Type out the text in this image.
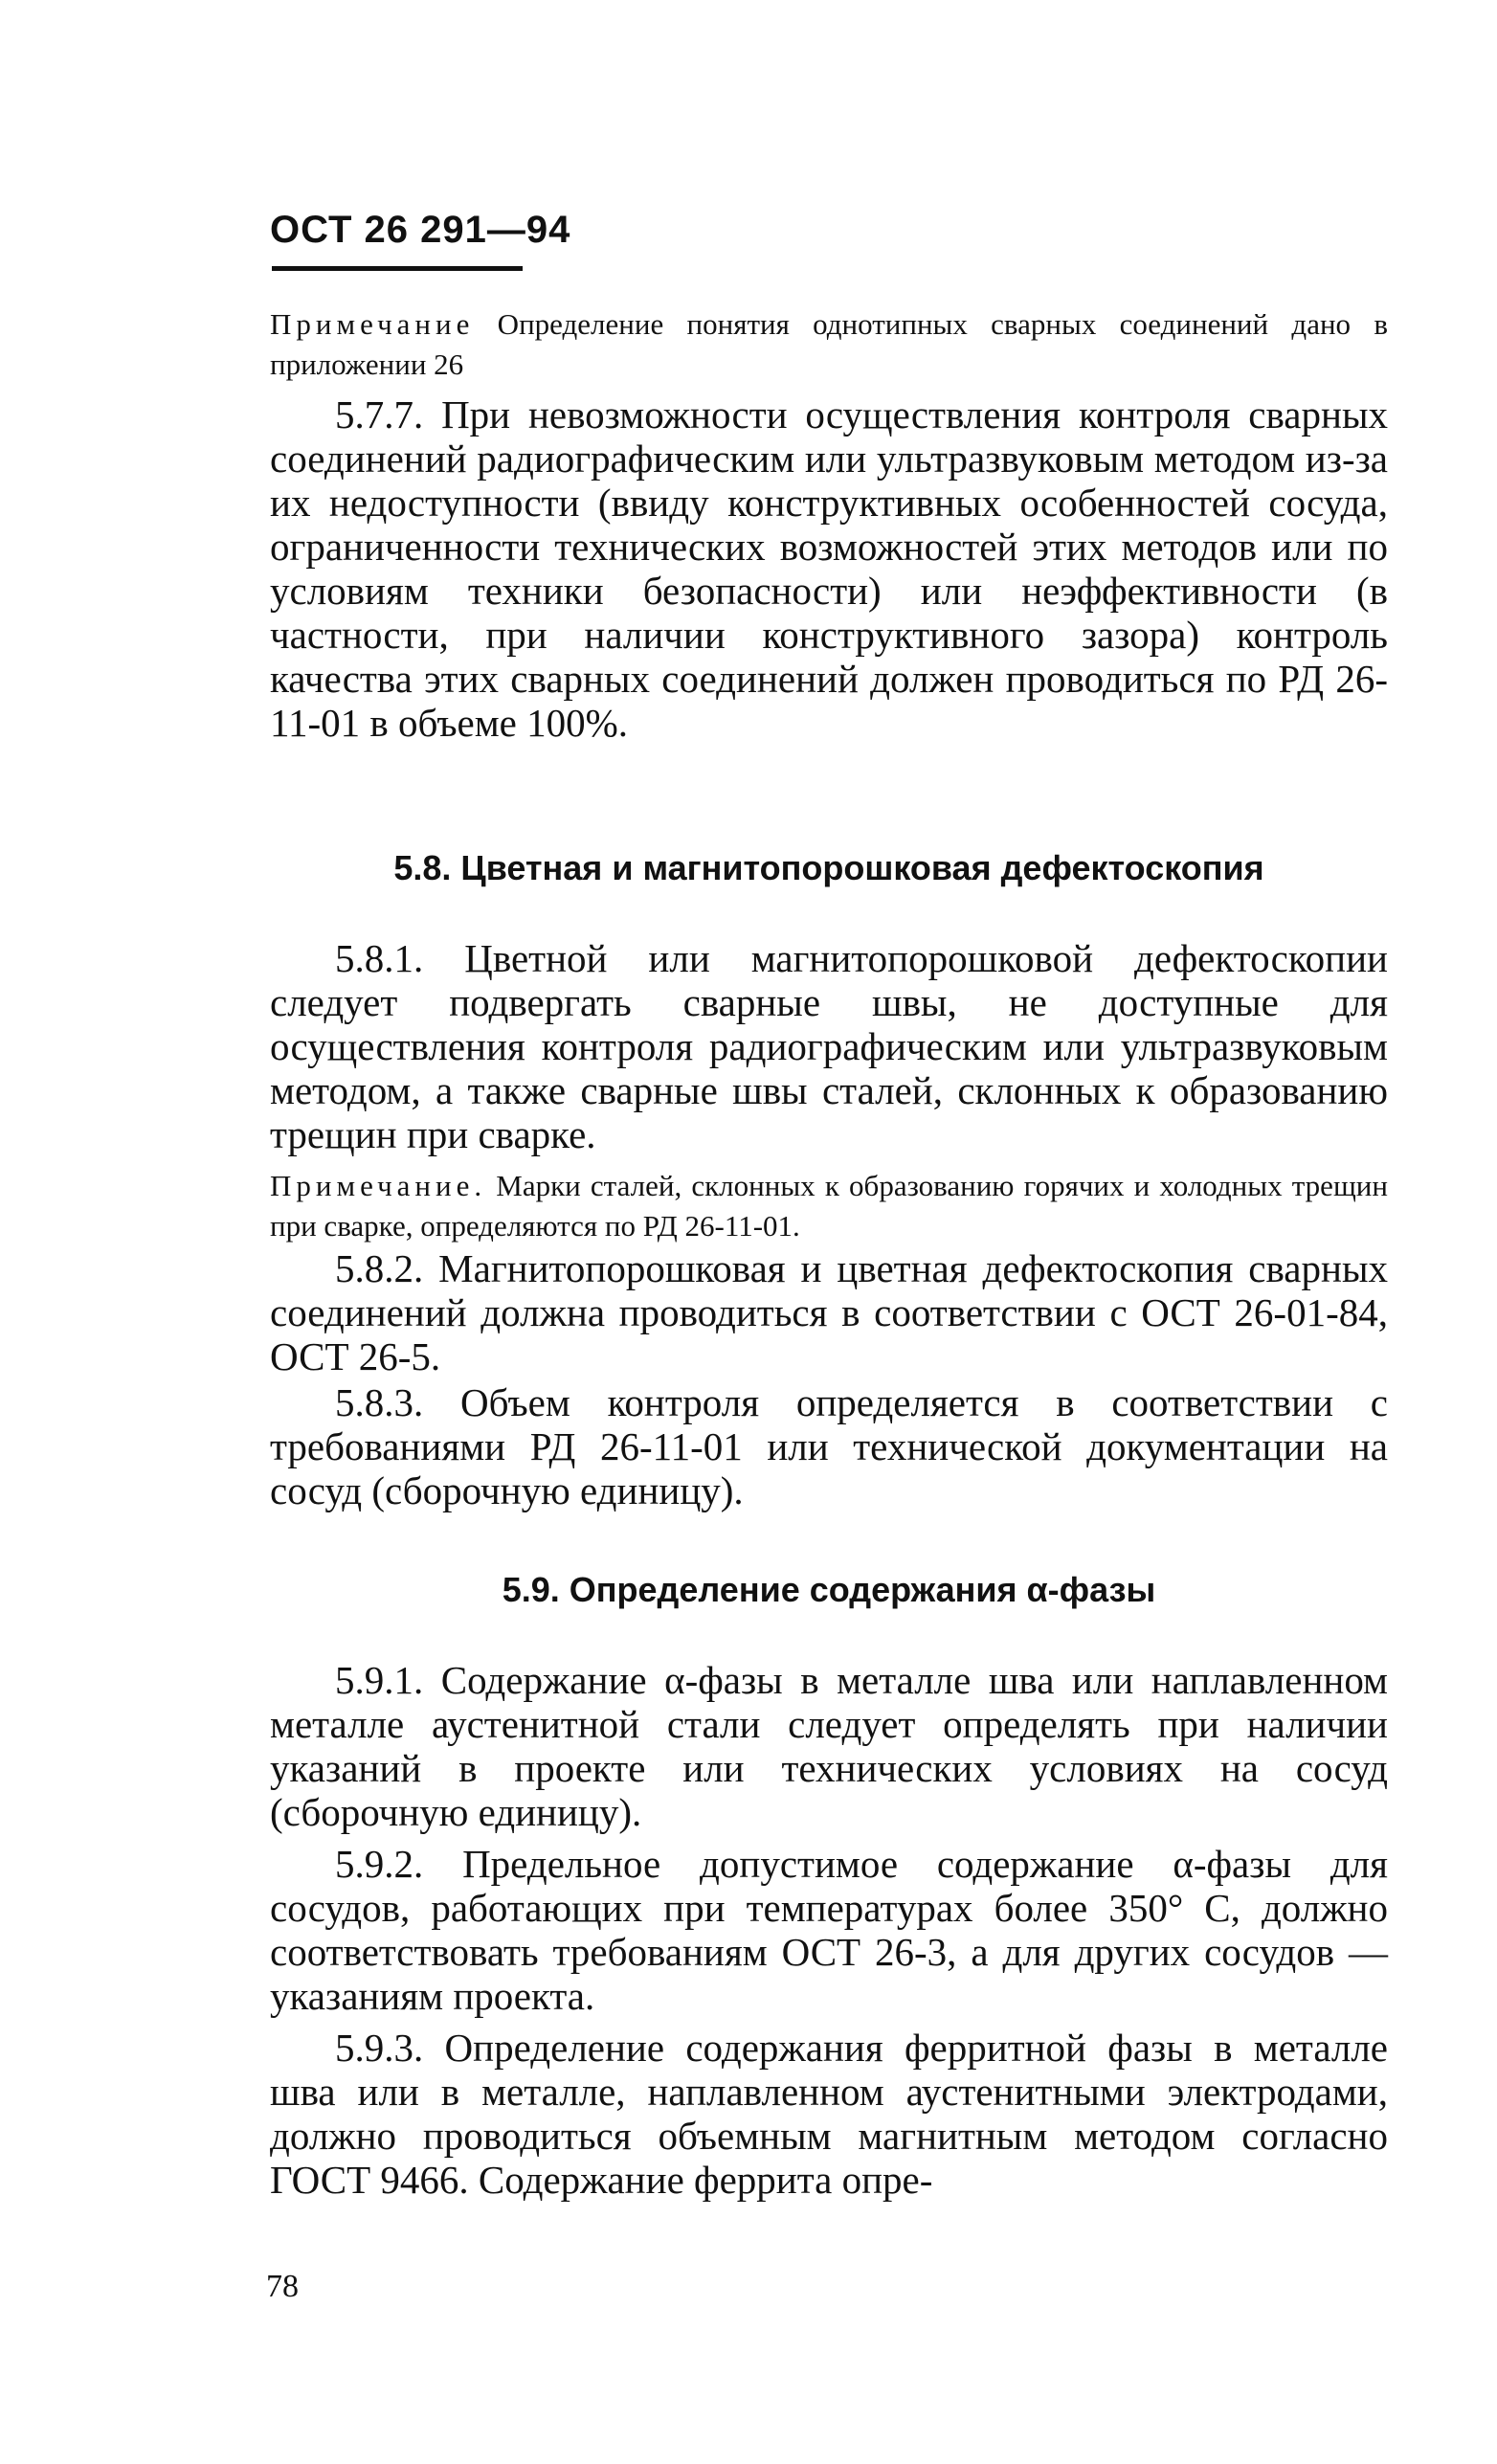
ОСТ 26 291—94
Примечание Определение понятия однотипных сварных соединений дано в приложении 26

5.7.7. При невозможности осуществления контроля сварных соединений радиографическим или ультразвуковым методом из-за их недоступности (ввиду конструктивных особенностей сосуда, ограниченности технических возможностей этих методов или по условиям техники безопасности) или неэффективности (в частности, при наличии конструктивного зазора) контроль качества этих сварных соединений должен проводиться по РД 26-11-01 в объеме 100%.

5.8. Цветная и магнитопорошковая дефектоскопия

5.8.1. Цветной или магнитопорошковой дефектоскопии следует подвергать сварные швы, не доступные для осуществления контроля радиографическим или ультразвуковым методом, а также сварные швы сталей, склонных к образованию трещин при сварке.

Примечание. Марки сталей, склонных к образованию горячих и холодных трещин при сварке, определяются по РД 26-11-01.

5.8.2. Магнитопорошковая и цветная дефектоскопия сварных соединений должна проводиться в соответствии с ОСТ 26-01-84, ОСТ 26-5.

5.8.3. Объем контроля определяется в соответствии с требованиями РД 26-11-01 или технической документации на сосуд (сборочную единицу).

5.9. Определение содержания α-фазы

5.9.1. Содержание α-фазы в металле шва или наплавленном металле аустенитной стали следует определять при наличии указаний в проекте или технических условиях на сосуд (сборочную единицу).

5.9.2. Предельное допустимое содержание α-фазы для сосудов, работающих при температурах более 350° С, должно соответствовать требованиям ОСТ 26-3, а для других сосудов — указаниям проекта.

5.9.3. Определение содержания ферритной фазы в металле шва или в металле, наплавленном аустенитными электродами, должно проводиться объемным магнитным методом согласно ГОСТ 9466. Содержание феррита опре-

78
